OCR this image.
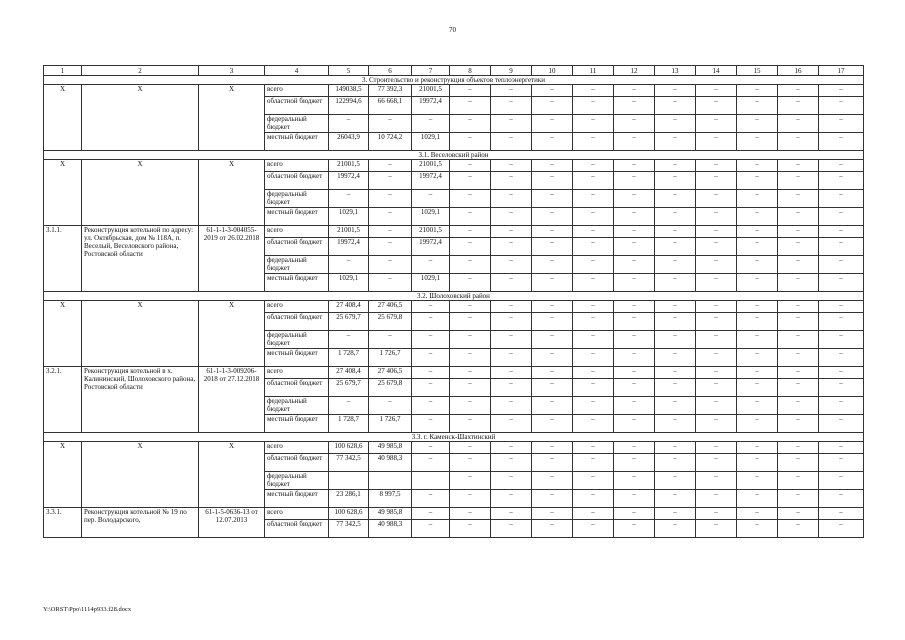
70
1	2	3	4	5	6	7	8	9	10	11	12	13	14	15	16	17
3. Строительство и реконструкция объектов теплоэнергетики																
Х	Х	Х	всего	149038,5	77 392,3	21001,5	–	–	–	–	–	–	–	–	–	–
			областной бюджет	122994,6	66 668,1	19972,4	–	–	–	–	–	–	–	–	–	–
			федеральный бюджет	–	–	–	–	–	–	–	–	–	–	–	–	–
			местный бюджет	26043,9	10 724,2	1029,1	–	–	–	–	–	–	–	–	–	–
3.1. Веселовский район																
Х	Х	Х	всего	21001,5	–	21001,5	–	–	–	–	–	–	–	–	–	–
			областной бюджет	19972,4	–	19972,4	–	–	–	–	–	–	–	–	–	–
			федеральный бюджет	–	–	–	–	–	–	–	–	–	–	–	–	–
			местный бюджет	1029,1	–	1029,1	–	–	–	–	–	–	–	–	–	–
3.1.1.	Реконструкция котельной по адресу: ул. Октябрьская, дом № 118А, п. Веселый, Веселовского района, Ростовской области	61-1-1-3-004055-2019 от 26.02.2018	всего	21001,5	–	21001,5	–	–	–	–	–	–	–	–	–	–
			областной бюджет	19972,4	–	19972,4	–	–	–	–	–	–	–	–	–	–
			федеральный бюджет	–	–	–	–	–	–	–	–	–	–	–	–	–
			местный бюджет	1029,1	–	1029,1	–	–	–	–	–	–	–	–	–	–
3.2. Шолоховский район																
Х	Х	Х	всего	27 408,4	27 406,5	–	–	–	–	–	–	–	–	–	–	–
			областной бюджет	25 679,7	25 679,8	–	–	–	–	–	–	–	–	–	–	–
			федеральный бюджет	–	–	–	–	–	–	–	–	–	–	–	–	–
			местный бюджет	1 728,7	1 726,7	–	–	–	–	–	–	–	–	–	–	–
3.2.1.	Реконструкция котельной в х. Калининский, Шолоховского района, Ростовской области	61-1-1-3-009206-2018 от 27.12.2018	всего	27 408,4	27 406,5	–	–	–	–	–	–	–	–	–	–	–
			областной бюджет	25 679,7	25 679,8	–	–	–	–	–	–	–	–	–	–	–
			федеральный бюджет	–	–	–	–	–	–	–	–	–	–	–	–	–
			местный бюджет	1 728,7	1 726,7	–	–	–	–	–	–	–	–	–	–	–
3.3. г. Каменск-Шахтинский																
Х	Х	Х	всего	100 628,6	49 985,8	–	–	–	–	–	–	–	–	–	–	–
			областной бюджет	77 342,5	40 988,3	–	–	–	–	–	–	–	–	–	–	–
			федеральный бюджет				–	–	–	–	–	–	–	–	–	–
			местный бюджет	23 286,1	8 997,5	–	–	–	–	–	–	–	–	–	–	–
3.3.1.	Реконструкция котельной № 19 по пер. Володарского,	61-1-5-0636-13 от 12.07.2013	всего	100 628,6	49 985,8	–	–	–	–	–	–	–	–	–	–	–
			областной бюджет	77 342,5	40 988,3	–	–	–	–	–	–	–	–	–	–	–
Y:\ORST\Ppo\1114p933.f28.docx
